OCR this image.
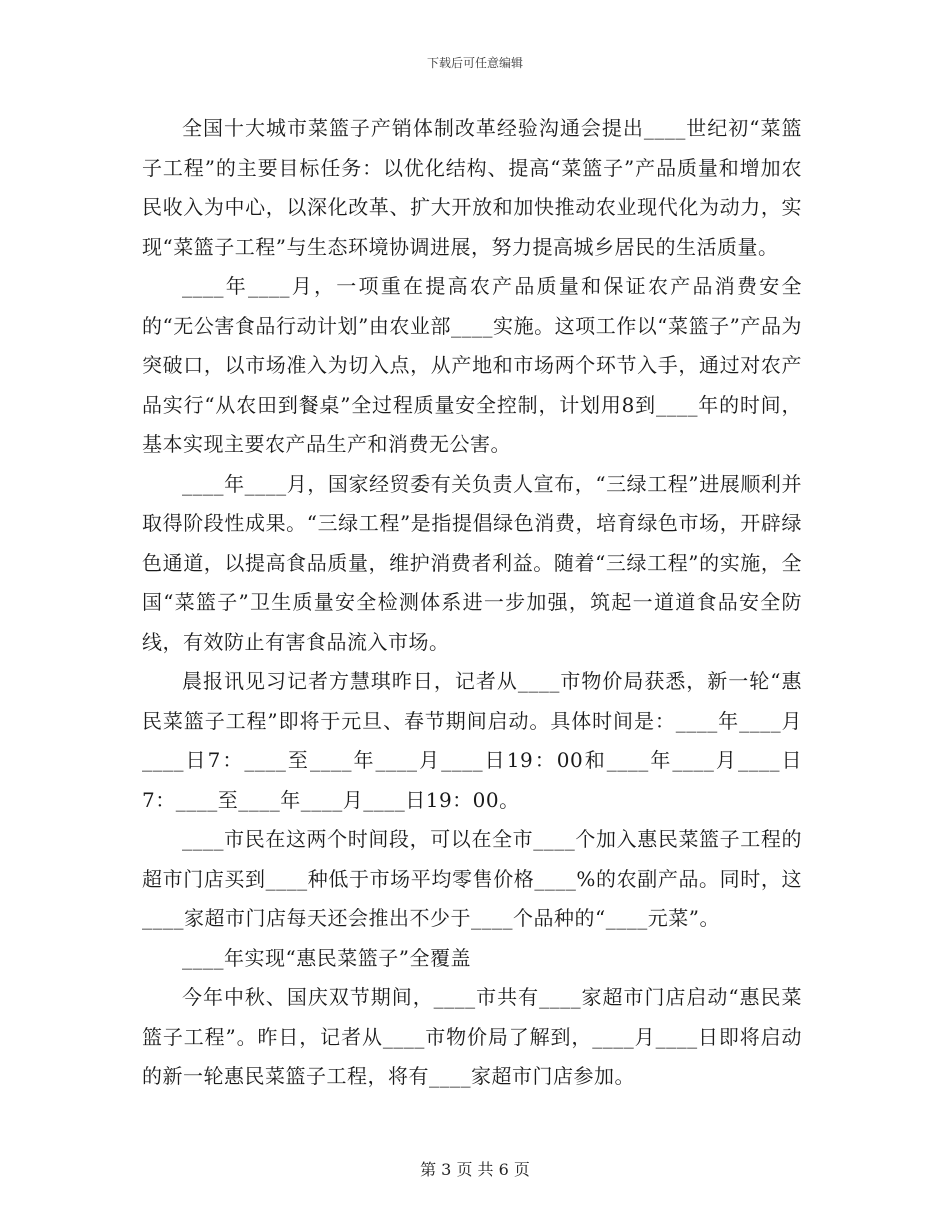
下载后可任意编辑

全国十大城市菜篮子产销体制改革经验沟通会提出____世纪初“菜篮子工程”的主要目标任务：以优化结构、提高“菜篮子”产品质量和增加农民收入为中心，以深化改革、扩大开放和加快推动农业现代化为动力，实现“菜篮子工程”与生态环境协调进展，努力提高城乡居民的生活质量。

____年____月，一项重在提高农产品质量和保证农产品消费安全的“无公害食品行动计划”由农业部____实施。这项工作以“菜篮子”产品为突破口，以市场准入为切入点，从产地和市场两个环节入手，通过对农产品实行“从农田到餐桌”全过程质量安全控制，计划用8到____年的时间，基本实现主要农产品生产和消费无公害。

____年____月，国家经贸委有关负责人宣布，“三绿工程”进展顺利并取得阶段性成果。“三绿工程”是指提倡绿色消费，培育绿色市场，开辟绿色通道，以提高食品质量，维护消费者利益。随着“三绿工程”的实施，全国“菜篮子”卫生质量安全检测体系进一步加强，筑起一道道食品安全防线，有效防止有害食品流入市场。

晨报讯见习记者方慧琪昨日，记者从____市物价局获悉，新一轮“惠民菜篮子工程”即将于元旦、春节期间启动。具体时间是：____年____月____日7：____至____年____月____日19：00和____年____月____日7：____至____年____月____日19：00。

____市民在这两个时间段，可以在全市____个加入惠民菜篮子工程的超市门店买到____种低于市场平均零售价格____%的农副产品。同时，这____家超市门店每天还会推出不少于____个品种的“____元菜”。

____年实现“惠民菜篮子”全覆盖

今年中秋、国庆双节期间，____市共有____家超市门店启动“惠民菜篮子工程”。昨日，记者从____市物价局了解到，____月____日即将启动的新一轮惠民菜篮子工程，将有____家超市门店参加。

第 3 页 共 6 页
